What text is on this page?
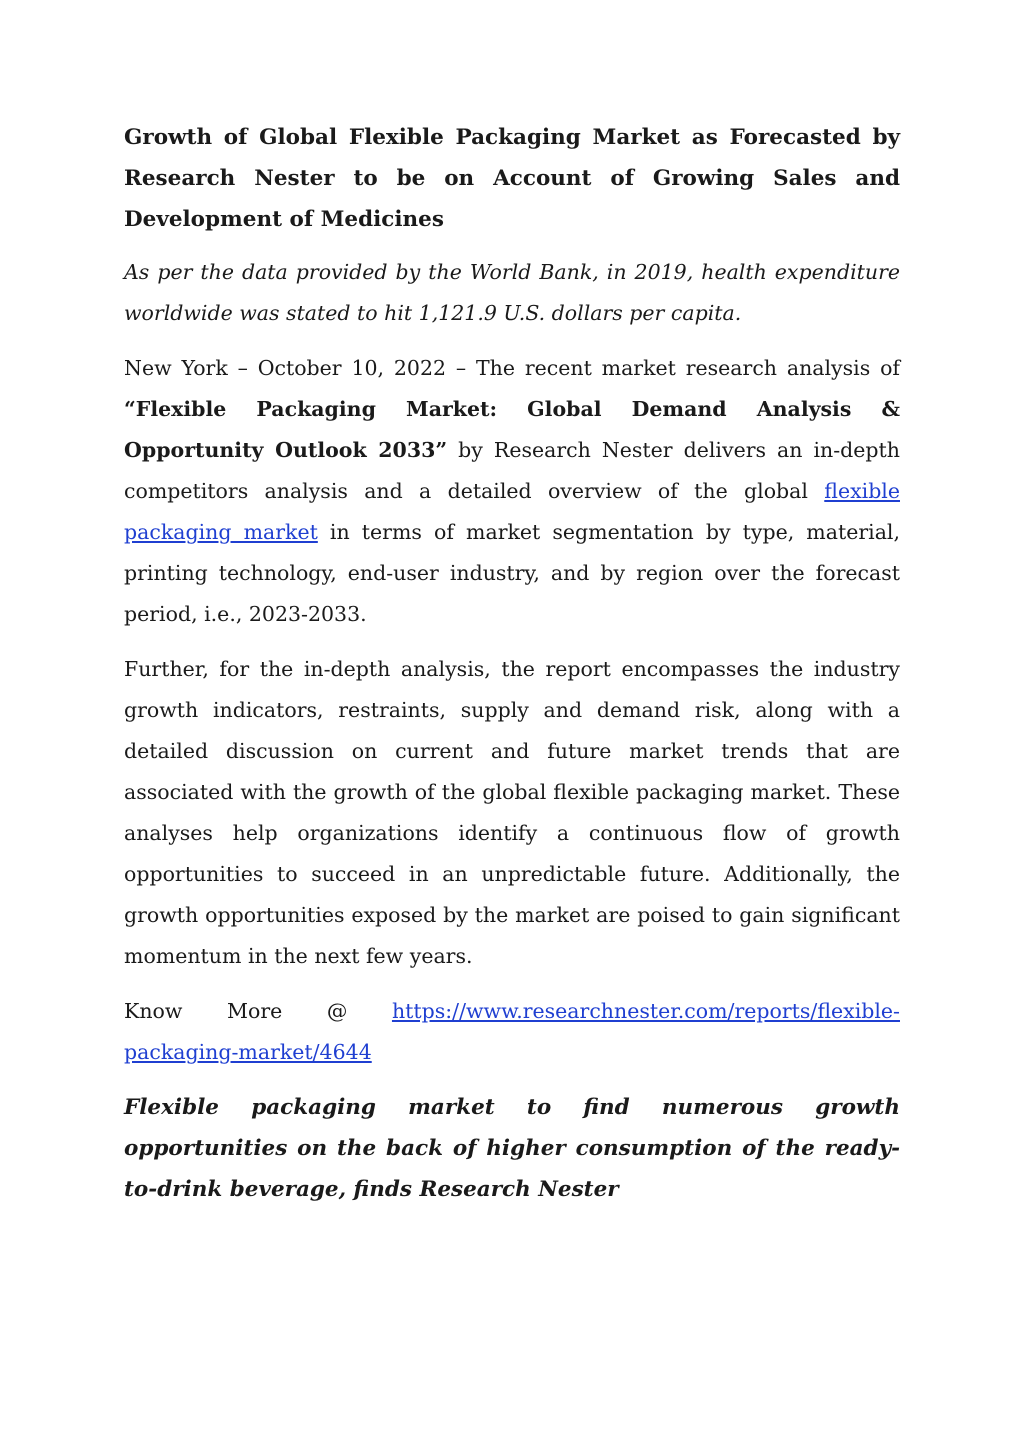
Growth of Global Flexible Packaging Market as Forecasted by Research Nester to be on Account of Growing Sales and Development of Medicines

As per the data provided by the World Bank, in 2019, health expenditure worldwide was stated to hit 1,121.9 U.S. dollars per capita.

New York – October 10, 2022 – The recent market research analysis of “Flexible Packaging Market: Global Demand Analysis & Opportunity Outlook 2033” by Research Nester delivers an in-depth competitors analysis and a detailed overview of the global flexible packaging market in terms of market segmentation by type, material, printing technology, end-user industry, and by region over the forecast period, i.e., 2023-2033.

Further, for the in-depth analysis, the report encompasses the industry growth indicators, restraints, supply and demand risk, along with a detailed discussion on current and future market trends that are associated with the growth of the global flexible packaging market. These analyses help organizations identify a continuous flow of growth opportunities to succeed in an unpredictable future. Additionally, the growth opportunities exposed by the market are poised to gain significant momentum in the next few years.

Know More @ https://www.researchnester.com/reports/flexible-packaging-market/4644

Flexible packaging market to find numerous growth opportunities on the back of higher consumption of the ready-to-drink beverage, finds Research Nester
